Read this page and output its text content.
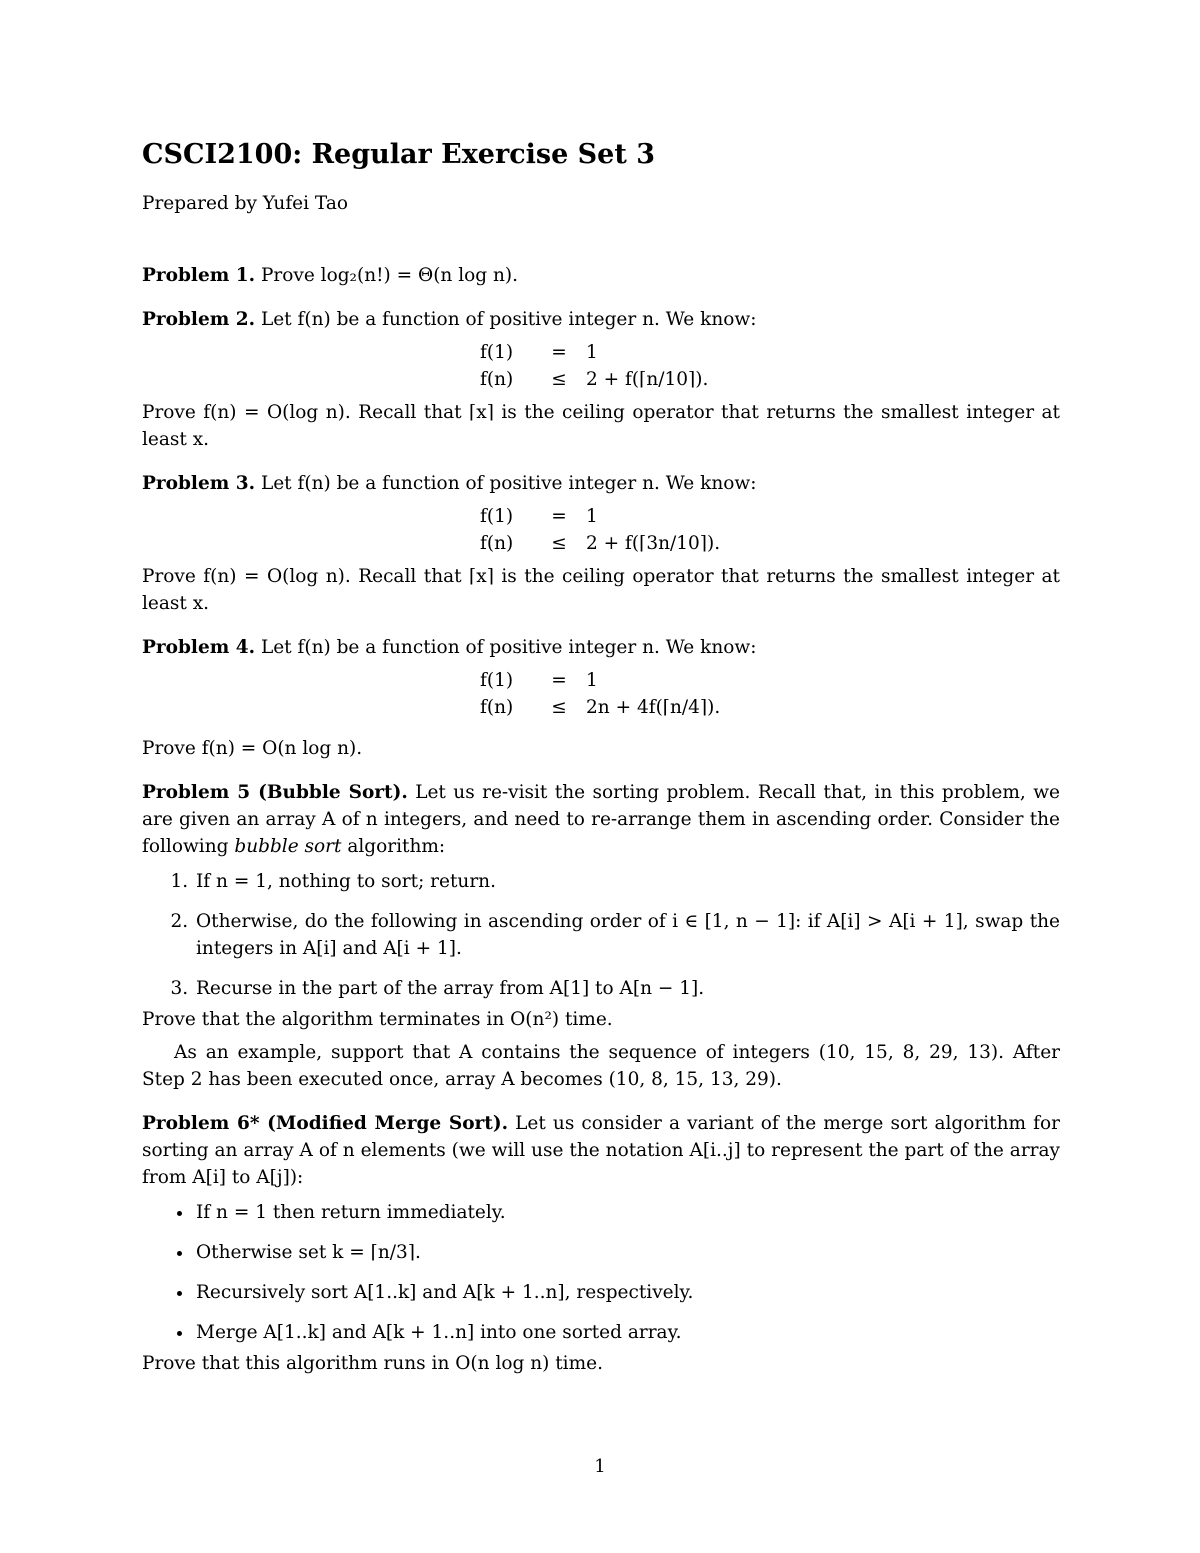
CSCI2100: Regular Exercise Set 3
Prepared by Yufei Tao

Problem 1. Prove log₂(n!) = Θ(n log n).

Problem 2. Let f(n) be a function of positive integer n. We know:

f(1)	=	1
f(n)	≤	2 + f(⌈n/10⌉).

Prove f(n) = O(log n). Recall that ⌈x⌉ is the ceiling operator that returns the smallest integer at least x.

Problem 3. Let f(n) be a function of positive integer n. We know:

f(1)	=	1
f(n)	≤	2 + f(⌈3n/10⌉).

Prove f(n) = O(log n). Recall that ⌈x⌉ is the ceiling operator that returns the smallest integer at least x.

Problem 4. Let f(n) be a function of positive integer n. We know:

f(1)	=	1
f(n)	≤	2n + 4f(⌈n/4⌉).

Prove f(n) = O(n log n).

Problem 5 (Bubble Sort). Let us re-visit the sorting problem. Recall that, in this problem, we are given an array A of n integers, and need to re-arrange them in ascending order. Consider the following bubble sort algorithm:

1. If n = 1, nothing to sort; return.
2. Otherwise, do the following in ascending order of i ∈ [1, n − 1]: if A[i] > A[i + 1], swap the integers in A[i] and A[i + 1].
3. Recurse in the part of the array from A[1] to A[n − 1].

Prove that the algorithm terminates in O(n²) time.

As an example, support that A contains the sequence of integers (10, 15, 8, 29, 13). After Step 2 has been executed once, array A becomes (10, 8, 15, 13, 29).

Problem 6* (Modified Merge Sort). Let us consider a variant of the merge sort algorithm for sorting an array A of n elements (we will use the notation A[i..j] to represent the part of the array from A[i] to A[j]):

• If n = 1 then return immediately.
• Otherwise set k = ⌈n/3⌉.
• Recursively sort A[1..k] and A[k + 1..n], respectively.
• Merge A[1..k] and A[k + 1..n] into one sorted array.

Prove that this algorithm runs in O(n log n) time.

1
